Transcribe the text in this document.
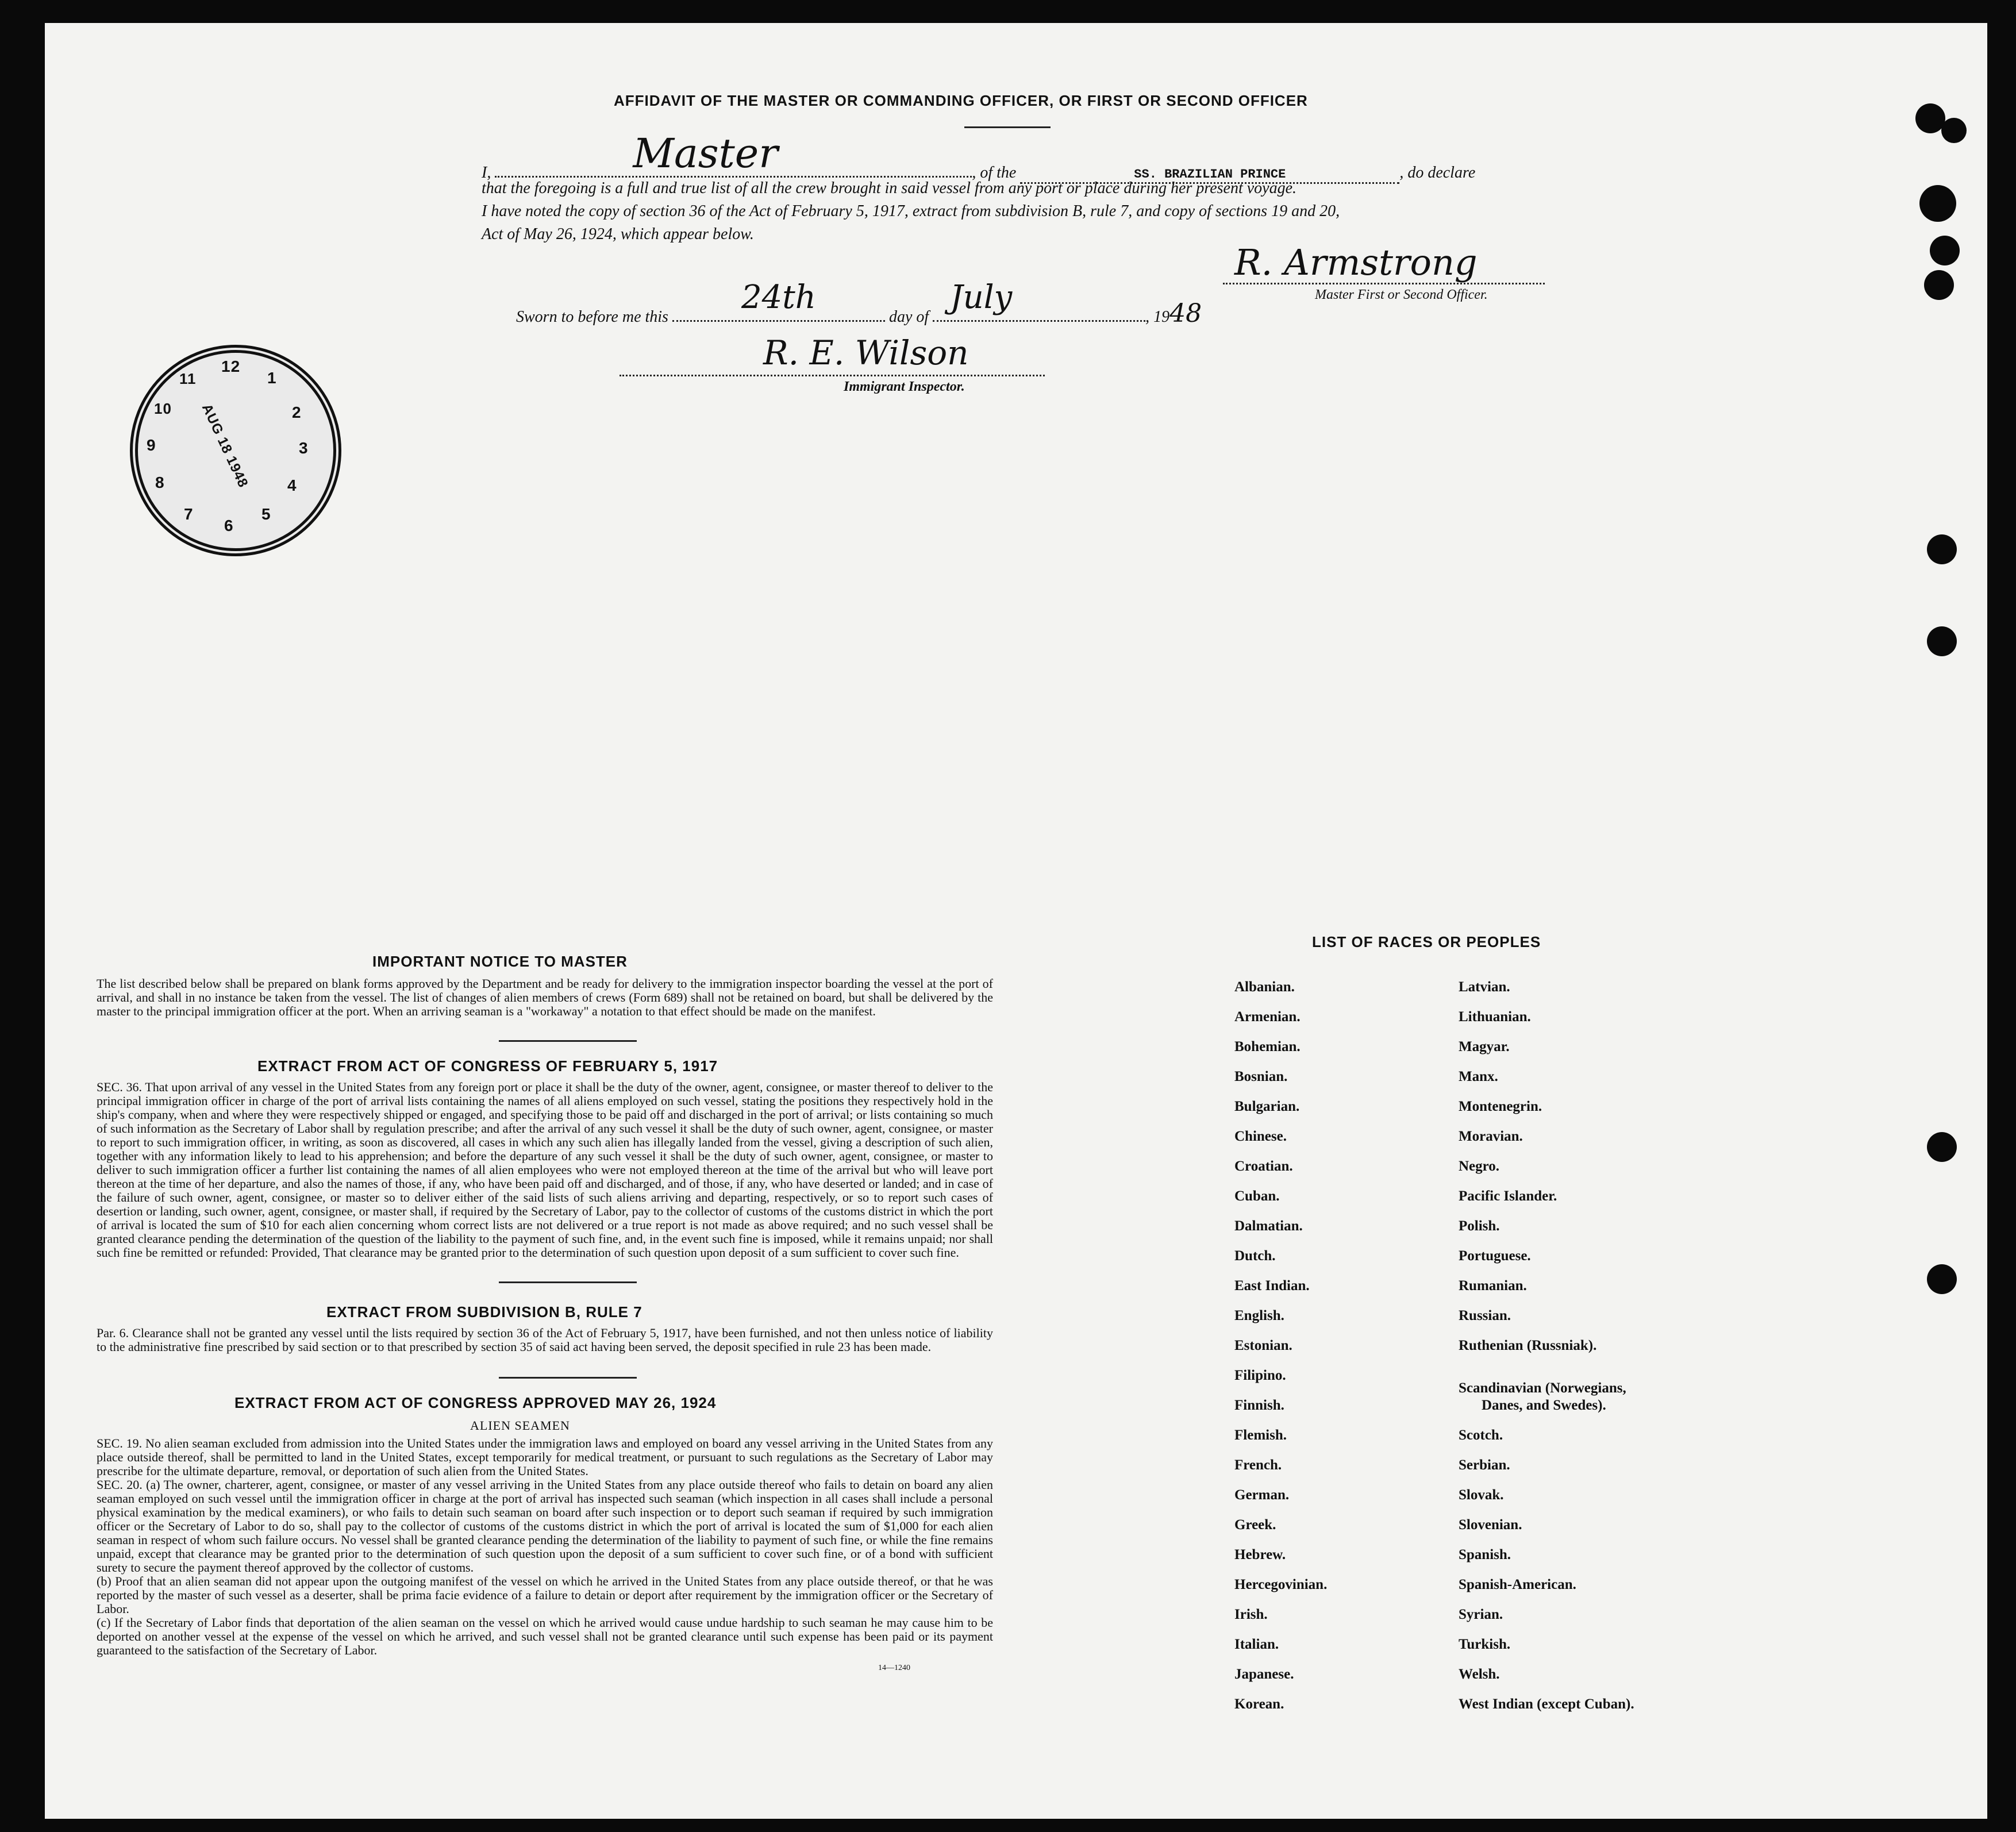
AFFIDAVIT OF THE MASTER OR COMMANDING OFFICER, OR FIRST OR SECOND OFFICER
I,	Master	, of the	SS. BRAZILIAN PRINCE	, do declare
that the foregoing is a full and true list of all the crew brought in said vessel from any port or place during her present voyage.
I have noted the copy of section 36 of the Act of February 5, 1917, extract from subdivision B, rule 7, and copy of sections 19 and 20,
Act of May 26, 1924, which appear below.
R. Armstrong
Master First or Second Officer.
Sworn to before me this
24th
day of
July
, 1948
R. E. Wilson
Immigrant Inspector.
12
1
2
3
4
5
6
7
8
9
10
11
AUG 18 1948
IMPORTANT NOTICE TO MASTER
The list described below shall be prepared on blank forms approved by the Department and be ready for delivery to the immigration inspector boarding the vessel at the port of arrival, and shall in no instance be taken from the vessel. The list of changes of alien members of crews (Form 689) shall not be retained on board, but shall be delivered by the master to the principal immigration officer at the port. When an arriving seaman is a "workaway" a notation to that effect should be made on the manifest.
EXTRACT FROM ACT OF CONGRESS OF FEBRUARY 5, 1917
SEC. 36. That upon arrival of any vessel in the United States from any foreign port or place it shall be the duty of the owner, agent, consignee, or master thereof to deliver to the principal immigration officer in charge of the port of arrival lists containing the names of all aliens employed on such vessel, stating the positions they respectively hold in the ship's company, when and where they were respectively shipped or engaged, and specifying those to be paid off and discharged in the port of arrival; or lists containing so much of such information as the Secretary of Labor shall by regulation prescribe; and after the arrival of any such vessel it shall be the duty of such owner, agent, consignee, or master to report to such immigration officer, in writing, as soon as discovered, all cases in which any such alien has illegally landed from the vessel, giving a description of such alien, together with any information likely to lead to his apprehension; and before the departure of any such vessel it shall be the duty of such owner, agent, consignee, or master to deliver to such immigration officer a further list containing the names of all alien employees who were not employed thereon at the time of the arrival but who will leave port thereon at the time of her departure, and also the names of those, if any, who have been paid off and discharged, and of those, if any, who have deserted or landed; and in case of the failure of such owner, agent, consignee, or master so to deliver either of the said lists of such aliens arriving and departing, respectively, or so to report such cases of desertion or landing, such owner, agent, consignee, or master shall, if required by the Secretary of Labor, pay to the collector of customs of the customs district in which the port of arrival is located the sum of $10 for each alien concerning whom correct lists are not delivered or a true report is not made as above required; and no such vessel shall be granted clearance pending the determination of the question of the liability to the payment of such fine, and, in the event such fine is imposed, while it remains unpaid; nor shall such fine be remitted or refunded: Provided, That clearance may be granted prior to the determination of such question upon deposit of a sum sufficient to cover such fine.
EXTRACT FROM SUBDIVISION B, RULE 7
Par. 6. Clearance shall not be granted any vessel until the lists required by section 36 of the Act of February 5, 1917, have been furnished, and not then unless notice of liability to the administrative fine prescribed by said section or to that prescribed by section 35 of said act having been served, the deposit specified in rule 23 has been made.
EXTRACT FROM ACT OF CONGRESS APPROVED MAY 26, 1924
ALIEN SEAMEN
SEC. 19. No alien seaman excluded from admission into the United States under the immigration laws and employed on board any vessel arriving in the United States from any place outside thereof, shall be permitted to land in the United States, except temporarily for medical treatment, or pursuant to such regulations as the Secretary of Labor may prescribe for the ultimate departure, removal, or deportation of such alien from the United States.
SEC. 20. (a) The owner, charterer, agent, consignee, or master of any vessel arriving in the United States from any place outside thereof who fails to detain on board any alien seaman employed on such vessel until the immigration officer in charge at the port of arrival has inspected such seaman (which inspection in all cases shall include a personal physical examination by the medical examiners), or who fails to detain such seaman on board after such inspection or to deport such seaman if required by such immigration officer or the Secretary of Labor to do so, shall pay to the collector of customs of the customs district in which the port of arrival is located the sum of $1,000 for each alien seaman in respect of whom such failure occurs. No vessel shall be granted clearance pending the determination of the liability to payment of such fine, or while the fine remains unpaid, except that clearance may be granted prior to the determination of such question upon the deposit of a sum sufficient to cover such fine, or of a bond with sufficient surety to secure the payment thereof approved by the collector of customs.
(b) Proof that an alien seaman did not appear upon the outgoing manifest of the vessel on which he arrived in the United States from any place outside thereof, or that he was reported by the master of such vessel as a deserter, shall be prima facie evidence of a failure to detain or deport after requirement by the immigration officer or the Secretary of Labor.
(c) If the Secretary of Labor finds that deportation of the alien seaman on the vessel on which he arrived would cause undue hardship to such seaman he may cause him to be deported on another vessel at the expense of the vessel on which he arrived, and such vessel shall not be granted clearance until such expense has been paid or its payment guaranteed to the satisfaction of the Secretary of Labor.
14—1240
LIST OF RACES OR PEOPLES
Albanian.
Armenian.
Bohemian.
Bosnian.
Bulgarian.
Chinese.
Croatian.
Cuban.
Dalmatian.
Dutch.
East Indian.
English.
Estonian.
Filipino.
Finnish.
Flemish.
French.
German.
Greek.
Hebrew.
Hercegovinian.
Irish.
Italian.
Japanese.
Korean.
Latvian.
Lithuanian.
Magyar.
Manx.
Montenegrin.
Moravian.
Negro.
Pacific Islander.
Polish.
Portuguese.
Rumanian.
Russian.
Ruthenian (Russniak).
Scandinavian (Norwegians,
Danes, and Swedes).
Scotch.
Serbian.
Slovak.
Slovenian.
Spanish.
Spanish-American.
Syrian.
Turkish.
Welsh.
West Indian (except Cuban).
